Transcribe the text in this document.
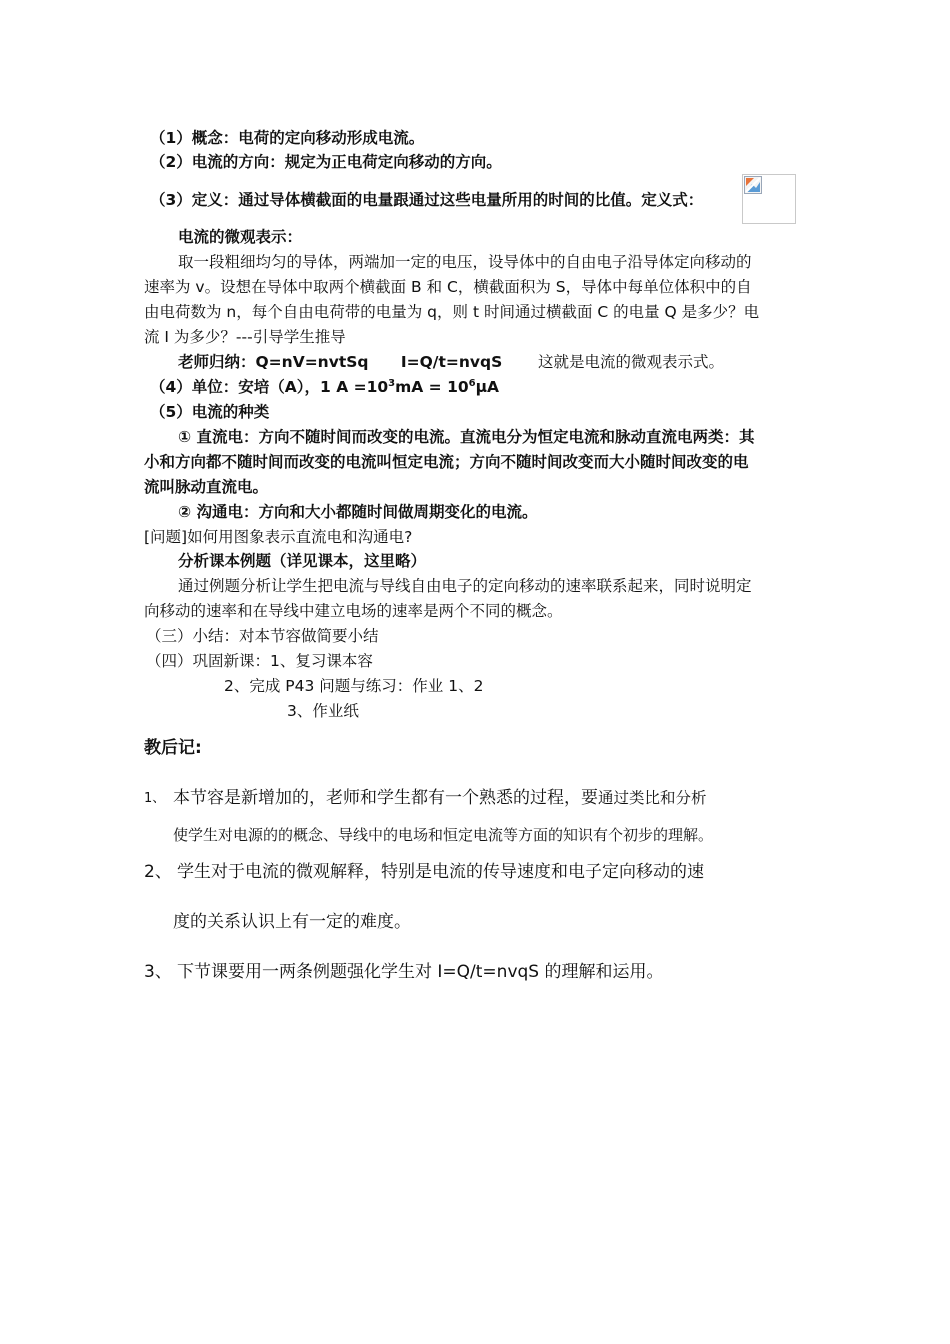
（1）概念：电荷的定向移动形成电流。
（2）电流的方向：规定为正电荷定向移动的方向。
（3）定义：通过导体横截面的电量跟通过这些电量所用的时间的比值。定义式：
电流的微观表示：
取一段粗细均匀的导体，两端加一定的电压，设导体中的自由电子沿导体定向移动的
速率为 v。设想在导体中取两个横截面 B 和 C，横截面积为 S，导体中每单位体积中的自
由电荷数为 n，每个自由电荷带的电量为 q，则 t 时间通过横截面 C 的电量 Q 是多少？电
流 I 为多少？---引导学生推导
老师归纳：Q=nV=nvtSq      I=Q/t=nvqS 这就是电流的微观表示式。
（4）单位：安培（A），1 $A =10^3mA = 10^6\mu A$
（5）电流的种类
① 直流电：方向不随时间而改变的电流。直流电分为恒定电流和脉动直流电两类：其
小和方向都不随时间而改变的电流叫恒定电流；方向不随时间改变而大小随时间改变的电
流叫脉动直流电。
② 沟通电：方向和大小都随时间做周期变化的电流。
[问题]如何用图象表示直流电和沟通电?
分析课本例题（详见课本，这里略）
通过例题分析让学生把电流与导线自由电子的定向移动的速率联系起来，同时说明定
向移动的速率和在导线中建立电场的速率是两个不同的概念。
（三）小结：对本节容做简要小结
（四）巩固新课：1、复习课本容
2、完成 P43 问题与练习：作业 1、2
3、作业纸
教后记:
1、 本节容是新增加的，老师和学生都有一个熟悉的过程，要通过类比和分析
使学生对电源的的概念、导线中的电场和恒定电流等方面的知识有个初步的理解。
2、 学生对于电流的微观解释，特别是电流的传导速度和电子定向移动的速
度的关系认识上有一定的难度。
3、 下节课要用一两条例题强化学生对 I=Q/t=nvqS 的理解和运用。
